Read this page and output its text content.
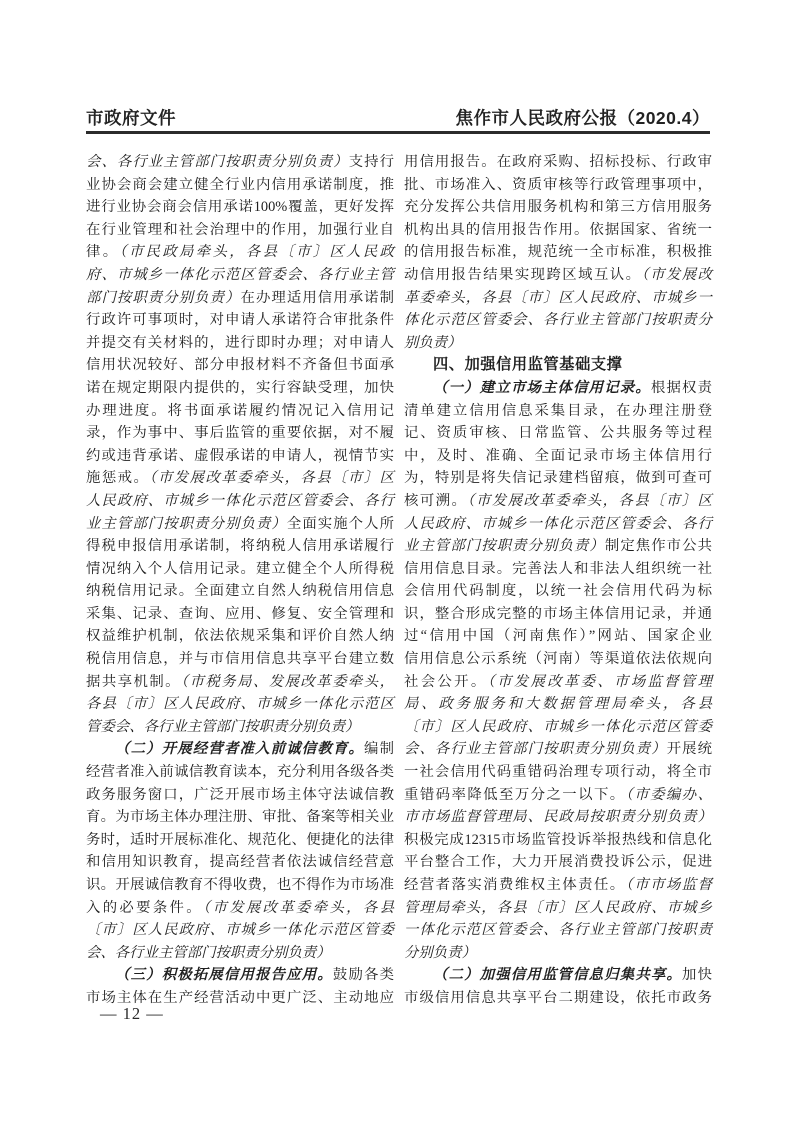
市政府文件	焦作市人民政府公报（2020.4）
会、各行业主管部门按职责分别负责）支持行
业协会商会建立健全行业内信用承诺制度，推
进行业协会商会信用承诺100%覆盖，更好发挥
在行业管理和社会治理中的作用，加强行业自
律。（市民政局牵头，各县〔市〕区人民政
府、市城乡一体化示范区管委会、各行业主管
部门按职责分别负责）在办理适用信用承诺制
行政许可事项时，对申请人承诺符合审批条件
并提交有关材料的，进行即时办理；对申请人
信用状况较好、部分申报材料不齐备但书面承
诺在规定期限内提供的，实行容缺受理，加快
办理进度。将书面承诺履约情况记入信用记
录，作为事中、事后监管的重要依据，对不履
约或违背承诺、虚假承诺的申请人，视情节实
施惩戒。（市发展改革委牵头，各县〔市〕区
人民政府、市城乡一体化示范区管委会、各行
业主管部门按职责分别负责）全面实施个人所
得税申报信用承诺制，将纳税人信用承诺履行
情况纳入个人信用记录。建立健全个人所得税
纳税信用记录。全面建立自然人纳税信用信息
采集、记录、查询、应用、修复、安全管理和
权益维护机制，依法依规采集和评价自然人纳
税信用信息，并与市信用信息共享平台建立数
据共享机制。（市税务局、发展改革委牵头，
各县〔市〕区人民政府、市城乡一体化示范区
管委会、各行业主管部门按职责分别负责）
（二）开展经营者准入前诚信教育。编制
经营者准入前诚信教育读本，充分利用各级各类
政务服务窗口，广泛开展市场主体守法诚信教
育。为市场主体办理注册、审批、备案等相关业
务时，适时开展标准化、规范化、便捷化的法律
和信用知识教育，提高经营者依法诚信经营意
识。开展诚信教育不得收费，也不得作为市场准
入的必要条件。（市发展改革委牵头，各县
〔市〕区人民政府、市城乡一体化示范区管委
会、各行业主管部门按职责分别负责）
（三）积极拓展信用报告应用。鼓励各类
市场主体在生产经营活动中更广泛、主动地应
用信用报告。在政府采购、招标投标、行政审
批、市场准入、资质审核等行政管理事项中，
充分发挥公共信用服务机构和第三方信用服务
机构出具的信用报告作用。依据国家、省统一
的信用报告标准，规范统一全市标准，积极推
动信用报告结果实现跨区域互认。（市发展改
革委牵头，各县〔市〕区人民政府、市城乡一
体化示范区管委会、各行业主管部门按职责分
别负责）
四、加强信用监管基础支撑
（一）建立市场主体信用记录。根据权责
清单建立信用信息采集目录，在办理注册登
记、资质审核、日常监管、公共服务等过程
中，及时、准确、全面记录市场主体信用行
为，特别是将失信记录建档留痕，做到可查可
核可溯。（市发展改革委牵头，各县〔市〕区
人民政府、市城乡一体化示范区管委会、各行
业主管部门按职责分别负责）制定焦作市公共
信用信息目录。完善法人和非法人组织统一社
会信用代码制度，以统一社会信用代码为标
识，整合形成完整的市场主体信用记录，并通
过“信用中国（河南焦作）”网站、国家企业
信用信息公示系统（河南）等渠道依法依规向
社会公开。（市发展改革委、市场监督管理
局、政务服务和大数据管理局牵头，各县
〔市〕区人民政府、市城乡一体化示范区管委
会、各行业主管部门按职责分别负责）开展统
一社会信用代码重错码治理专项行动，将全市
重错码率降低至万分之一以下。（市委编办、
市市场监督管理局、民政局按职责分别负责）
积极完成12315市场监管投诉举报热线和信息化
平台整合工作，大力开展消费投诉公示，促进
经营者落实消费维权主体责任。（市市场监督
管理局牵头，各县〔市〕区人民政府、市城乡
一体化示范区管委会、各行业主管部门按职责
分别负责）
（二）加强信用监管信息归集共享。加快
市级信用信息共享平台二期建设，依托市政务
— 12 —
